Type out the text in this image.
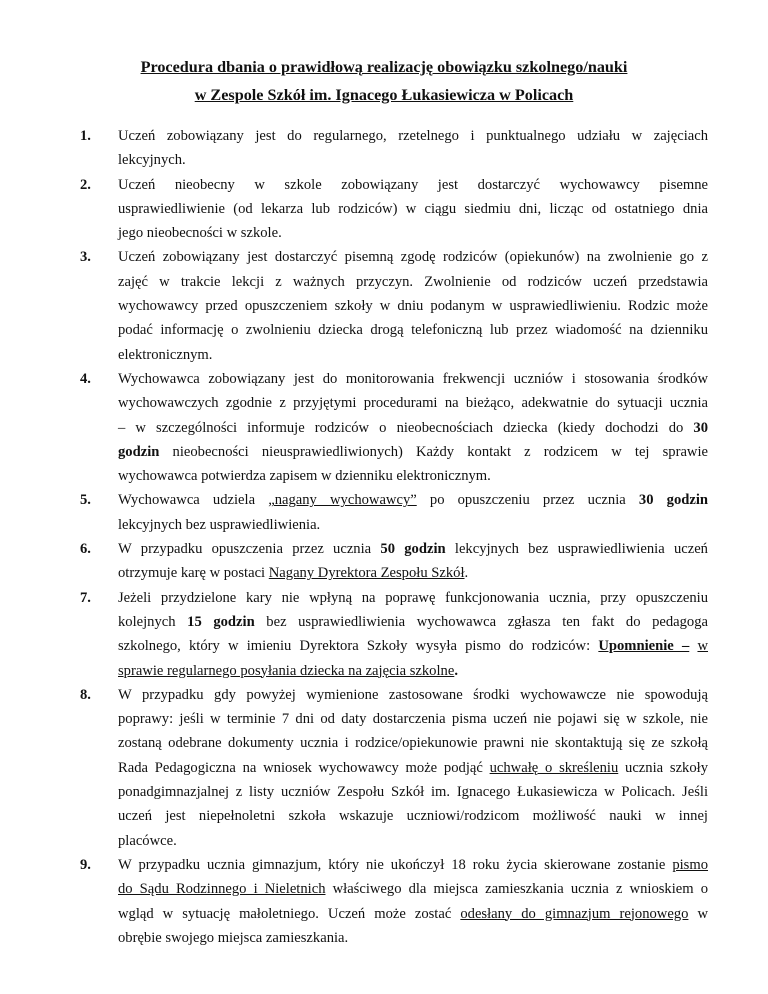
Procedura dbania o prawidłową realizację obowiązku szkolnego/nauki
w Zespole Szkół im. Ignacego Łukasiewicza w Policach
1. Uczeń zobowiązany jest do regularnego, rzetelnego i punktualnego udziału w zajęciach
lekcyjnych.
2. Uczeń nieobecny w szkole zobowiązany jest dostarczyć wychowawcy pisemne
usprawiedliwienie (od lekarza lub rodziców) w ciągu siedmiu dni, licząc od ostatniego dnia
jego nieobecności w szkole.
3. Uczeń zobowiązany jest dostarczyć pisemną zgodę rodziców (opiekunów) na zwolnienie go z
zajęć w trakcie lekcji z ważnych przyczyn. Zwolnienie od rodziców uczeń przedstawia
wychowawcy przed opuszczeniem szkoły w dniu podanym w usprawiedliwieniu. Rodzic może
podać informację o zwolnieniu dziecka drogą telefoniczną lub przez wiadomość na dzienniku
elektronicznym.
4. Wychowawca zobowiązany jest do monitorowania frekwencji uczniów i stosowania środków
wychowawczych zgodnie z przyjętymi procedurami na bieżąco, adekwatnie do sytuacji ucznia
– w szczególności informuje rodziców o nieobecnościach dziecka (kiedy dochodzi do 30
godzin nieobecności nieusprawiedliwionych) Każdy kontakt z rodzicem w tej sprawie
wychowawca potwierdza zapisem w dzienniku elektronicznym.
5. Wychowawca udziela „nagany wychowawcy” po opuszczeniu przez ucznia 30 godzin
lekcyjnych bez usprawiedliwienia.
6. W przypadku opuszczenia przez ucznia 50 godzin lekcyjnych bez usprawiedliwienia uczeń
otrzymuje karę w postaci Nagany Dyrektora Zespołu Szkół.
7. Jeżeli przydzielone kary nie wpłyną na poprawę funkcjonowania ucznia, przy opuszczeniu
kolejnych 15 godzin bez usprawiedliwienia wychowawca zgłasza ten fakt do pedagoga
szkolnego, który w imieniu Dyrektora Szkoły wysyła pismo do rodziców: Upomnienie – w
sprawie regularnego posyłania dziecka na zajęcia szkolne.
8. W przypadku gdy powyżej wymienione zastosowane środki wychowawcze nie spowodują
poprawy: jeśli w terminie 7 dni od daty dostarczenia pisma uczeń nie pojawi się w szkole, nie
zostaną odebrane dokumenty ucznia i rodzice/opiekunowie prawni nie skontaktują się ze szkołą
Rada Pedagogiczna na wniosek wychowawcy może podjąć uchwałę o skreśleniu ucznia szkoły
ponadgimnazjalnej z listy uczniów Zespołu Szkół im. Ignacego Łukasiewicza w Policach. Jeśli
uczeń jest niepełnoletni szkoła wskazuje uczniowi/rodzicom możliwość nauki w innej
placówce.
9. W przypadku ucznia gimnazjum, który nie ukończył 18 roku życia skierowane zostanie pismo
do Sądu Rodzinnego i Nieletnich właściwego dla miejsca zamieszkania ucznia z wnioskiem o
wgląd w sytuację małoletniego. Uczeń może zostać odesłany do gimnazjum rejonowego w
obrębie swojego miejsca zamieszkania.
